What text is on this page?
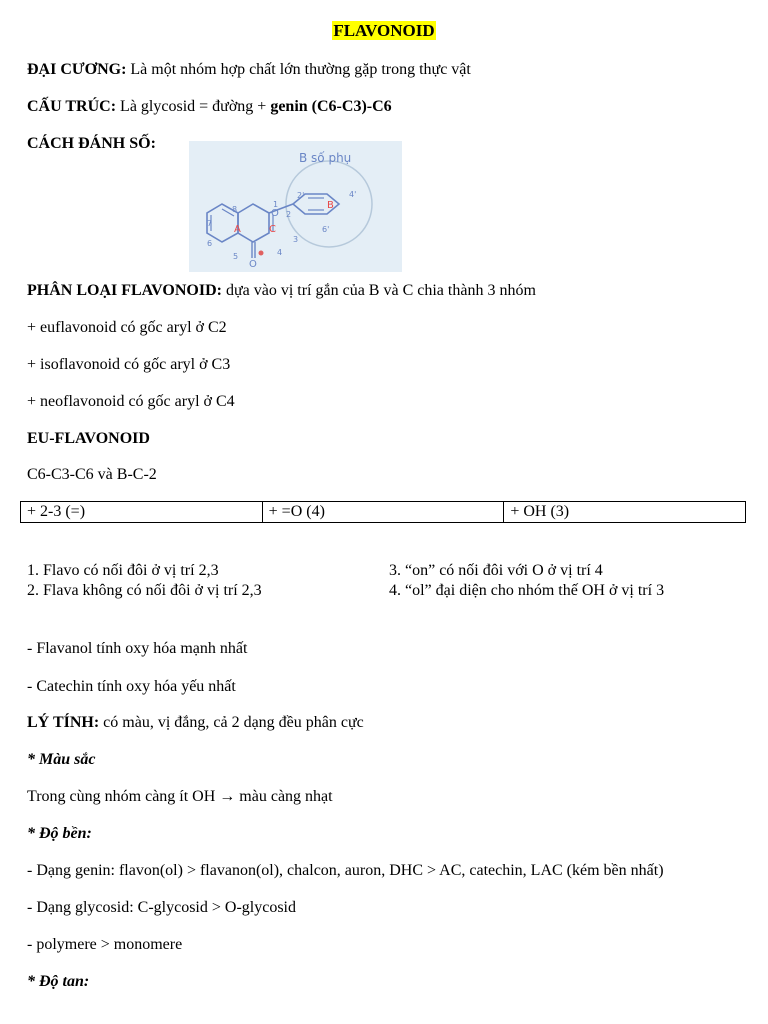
FLAVONOID
ĐẠI CƯƠNG: Là một nhóm hợp chất lớn thường gặp trong thực vật
CẤU TRÚC: Là glycosid = đường + genin (C6-C3)-C6
CÁCH ĐÁNH SỐ:
B số phụ
O
A	C
B
O
1
2
3
4
5
6
7
8
2'	4'
6'
PHÂN LOẠI FLAVONOID: dựa vào vị trí gắn của B và C chia thành 3 nhóm
+ euflavonoid có gốc aryl ở C2
+ isoflavonoid có gốc aryl ở C3
+ neoflavonoid có gốc aryl ở C4
EU-FLAVONOID
C6-C3-C6 và B-C-2
+ 2-3 (=)	+ =O (4)	+ OH (3)
1. Flavo có nối đôi ở vị trí 2,3
2. Flava không có nối đôi ở vị trí 2,3
3. “on” có nối đôi với O ở vị trí 4
4. “ol” đại diện cho nhóm thế OH ở vị trí 3
- Flavanol tính oxy hóa mạnh nhất
- Catechin tính oxy hóa yếu nhất
LÝ TÍNH: có màu, vị đắng, cả 2 dạng đều phân cực
* Màu sắc
Trong cùng nhóm càng ít OH → màu càng nhạt
* Độ bền:
- Dạng genin: flavon(ol) > flavanon(ol), chalcon, auron, DHC > AC, catechin, LAC (kém bền nhất)
- Dạng glycosid: C-glycosid > O-glycosid
- polymere > monomere
* Độ tan:
